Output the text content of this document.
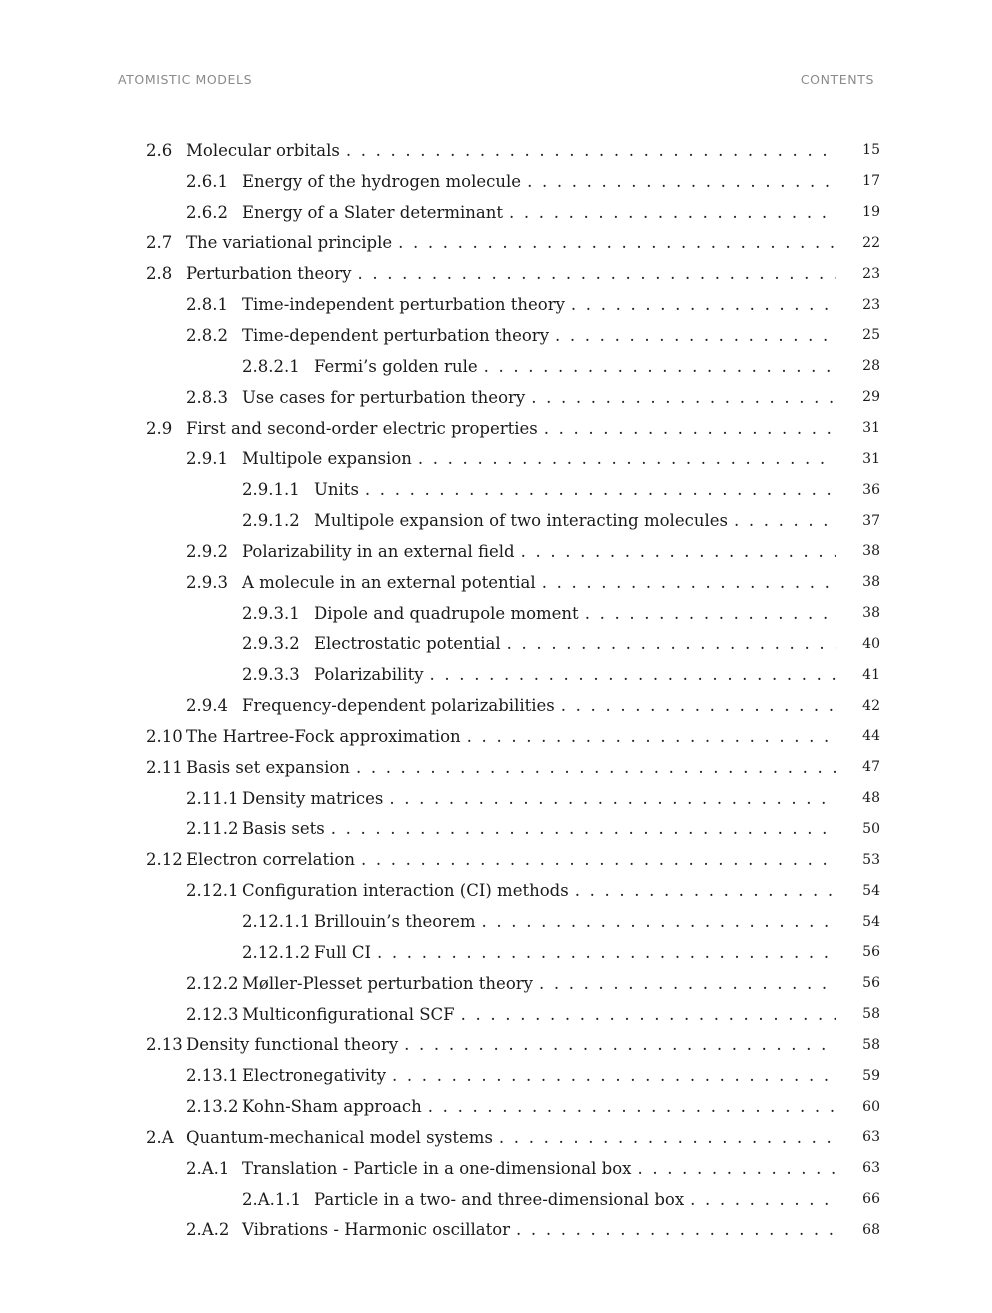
ATOMISTIC MODELS	CONTENTS
2.6 Molecular orbitals . . .	15
2.6.1 Energy of the hydrogen molecule . . .	17
2.6.2 Energy of a Slater determinant . . .	19
2.7 The variational principle . . .	22
2.8 Perturbation theory . . .	23
2.8.1 Time-independent perturbation theory . . .	23
2.8.2 Time-dependent perturbation theory . . .	25
2.8.2.1 Fermi’s golden rule . . .	28
2.8.3 Use cases for perturbation theory . . .	29
2.9 First and second-order electric properties . . .	31
2.9.1 Multipole expansion . . .	31
2.9.1.1 Units . . .	36
2.9.1.2 Multipole expansion of two interacting molecules . . .	37
2.9.2 Polarizability in an external field . . .	38
2.9.3 A molecule in an external potential . . .	38
2.9.3.1 Dipole and quadrupole moment . . .	38
2.9.3.2 Electrostatic potential . . .	40
2.9.3.3 Polarizability . . .	41
2.9.4 Frequency-dependent polarizabilities . . .	42
2.10 The Hartree-Fock approximation . . .	44
2.11 Basis set expansion . . .	47
2.11.1 Density matrices . . .	48
2.11.2 Basis sets . . .	50
2.12 Electron correlation . . .	53
2.12.1 Configuration interaction (CI) methods . . .	54
2.12.1.1 Brillouin’s theorem . . .	54
2.12.1.2 Full CI . . .	56
2.12.2 Møller-Plesset perturbation theory . . .	56
2.12.3 Multiconfigurational SCF . . .	58
2.13 Density functional theory . . .	58
2.13.1 Electronegativity . . .	59
2.13.2 Kohn-Sham approach . . .	60
2.A Quantum-mechanical model systems . . .	63
2.A.1 Translation - Particle in a one-dimensional box . . .	63
2.A.1.1 Particle in a two- and three-dimensional box . . .	66
2.A.2 Vibrations - Harmonic oscillator . . .	68
